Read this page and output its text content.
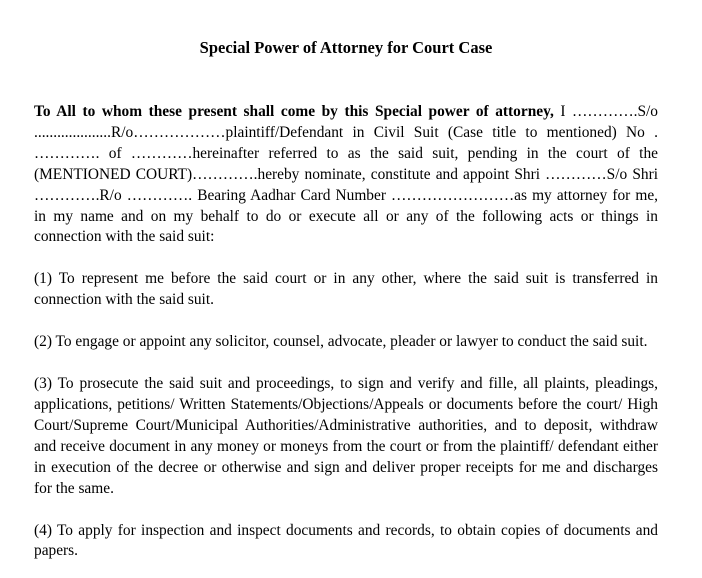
Special Power of Attorney for Court Case

To All to whom these present shall come by this Special power of attorney, I ………….S/o ....................R/o………………plaintiff/Defendant in Civil Suit (Case title to mentioned) No . …………. of …………hereinafter referred to as the said suit, pending in the court of the (MENTIONED COURT)………….hereby nominate, constitute and appoint Shri …………S/o Shri ………….R/o …………. Bearing Aadhar Card Number ……………………as my attorney for me, in my name and on my behalf to do or execute all or any of the following acts or things in connection with the said suit:

(1) To represent me before the said court or in any other, where the said suit is transferred in connection with the said suit.

(2) To engage or appoint any solicitor, counsel, advocate, pleader or lawyer to conduct the said suit.

(3) To prosecute the said suit and proceedings, to sign and verify and fille, all plaints, pleadings, applications, petitions/ Written Statements/Objections/Appeals or documents before the court/ High Court/Supreme Court/Municipal Authorities/Administrative authorities, and to deposit, withdraw and receive document in any money or moneys from the court or from the plaintiff/ defendant either in execution of the decree or otherwise and sign and deliver proper receipts for me and discharges for the same.

(4) To apply for inspection and inspect documents and records, to obtain copies of documents and papers.
